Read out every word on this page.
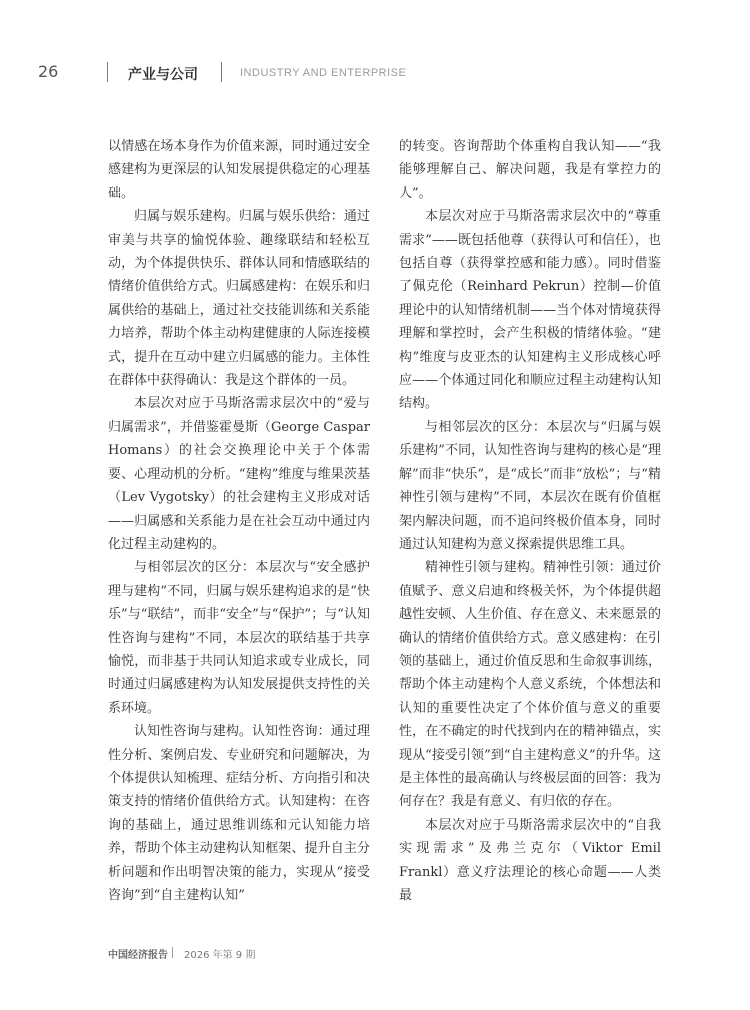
26	产业与公司	INDUSTRY AND ENTERPRISE

以情感在场本身作为价值来源，同时通过安全感建构为更深层的认知发展提供稳定的心理基础。

归属与娱乐建构。归属与娱乐供给：通过审美与共享的愉悦体验、趣缘联结和轻松互动，为个体提供快乐、群体认同和情感联结的情绪价值供给方式。归属感建构：在娱乐和归属供给的基础上，通过社交技能训练和关系能力培养，帮助个体主动构建健康的人际连接模式，提升在互动中建立归属感的能力。主体性在群体中获得确认：我是这个群体的一员。

本层次对应于马斯洛需求层次中的“爱与归属需求”，并借鉴霍曼斯（George Caspar Homans）的社会交换理论中关于个体需要、心理动机的分析。“建构”维度与维果茨基（Lev Vygotsky）的社会建构主义形成对话——归属感和关系能力是在社会互动中通过内化过程主动建构的。

与相邻层次的区分：本层次与“安全感护理与建构”不同，归属与娱乐建构追求的是“快乐”与“联结”，而非“安全”与“保护”；与“认知性咨询与建构”不同，本层次的联结基于共享愉悦，而非基于共同认知追求或专业成长，同时通过归属感建构为认知发展提供支持性的关系环境。

认知性咨询与建构。认知性咨询：通过理性分析、案例启发、专业研究和问题解决，为个体提供认知梳理、症结分析、方向指引和决策支持的情绪价值供给方式。认知建构：在咨询的基础上，通过思维训练和元认知能力培养，帮助个体主动建构认知框架、提升自主分析问题和作出明智决策的能力，实现从“接受咨询”到“自主建构认知”

的转变。咨询帮助个体重构自我认知——“我能够理解自己、解决问题，我是有掌控力的人”。

本层次对应于马斯洛需求层次中的“尊重需求”——既包括他尊（获得认可和信任），也包括自尊（获得掌控感和能力感）。同时借鉴了佩克伦（Reinhard Pekrun）控制—价值理论中的认知情绪机制——当个体对情境获得理解和掌控时，会产生积极的情绪体验。“建构”维度与皮亚杰的认知建构主义形成核心呼应——个体通过同化和顺应过程主动建构认知结构。

与相邻层次的区分：本层次与“归属与娱乐建构”不同，认知性咨询与建构的核心是“理解”而非“快乐”，是“成长”而非“放松”；与“精神性引领与建构”不同，本层次在既有价值框架内解决问题，而不追问终极价值本身，同时通过认知建构为意义探索提供思维工具。

精神性引领与建构。精神性引领：通过价值赋予、意义启迪和终极关怀，为个体提供超越性安顿、人生价值、存在意义、未来愿景的确认的情绪价值供给方式。意义感建构：在引领的基础上，通过价值反思和生命叙事训练，帮助个体主动建构个人意义系统，个体想法和认知的重要性决定了个体价值与意义的重要性，在不确定的时代找到内在的精神锚点，实现从“接受引领”到“自主建构意义”的升华。这是主体性的最高确认与终极层面的回答：我为何存在？我是有意义、有归依的存在。

本层次对应于马斯洛需求层次中的“自我实现需求”及弗兰克尔（Viktor Emil Frankl）意义疗法理论的核心命题——人类最

中国经济报告 2026 年第 9 期
